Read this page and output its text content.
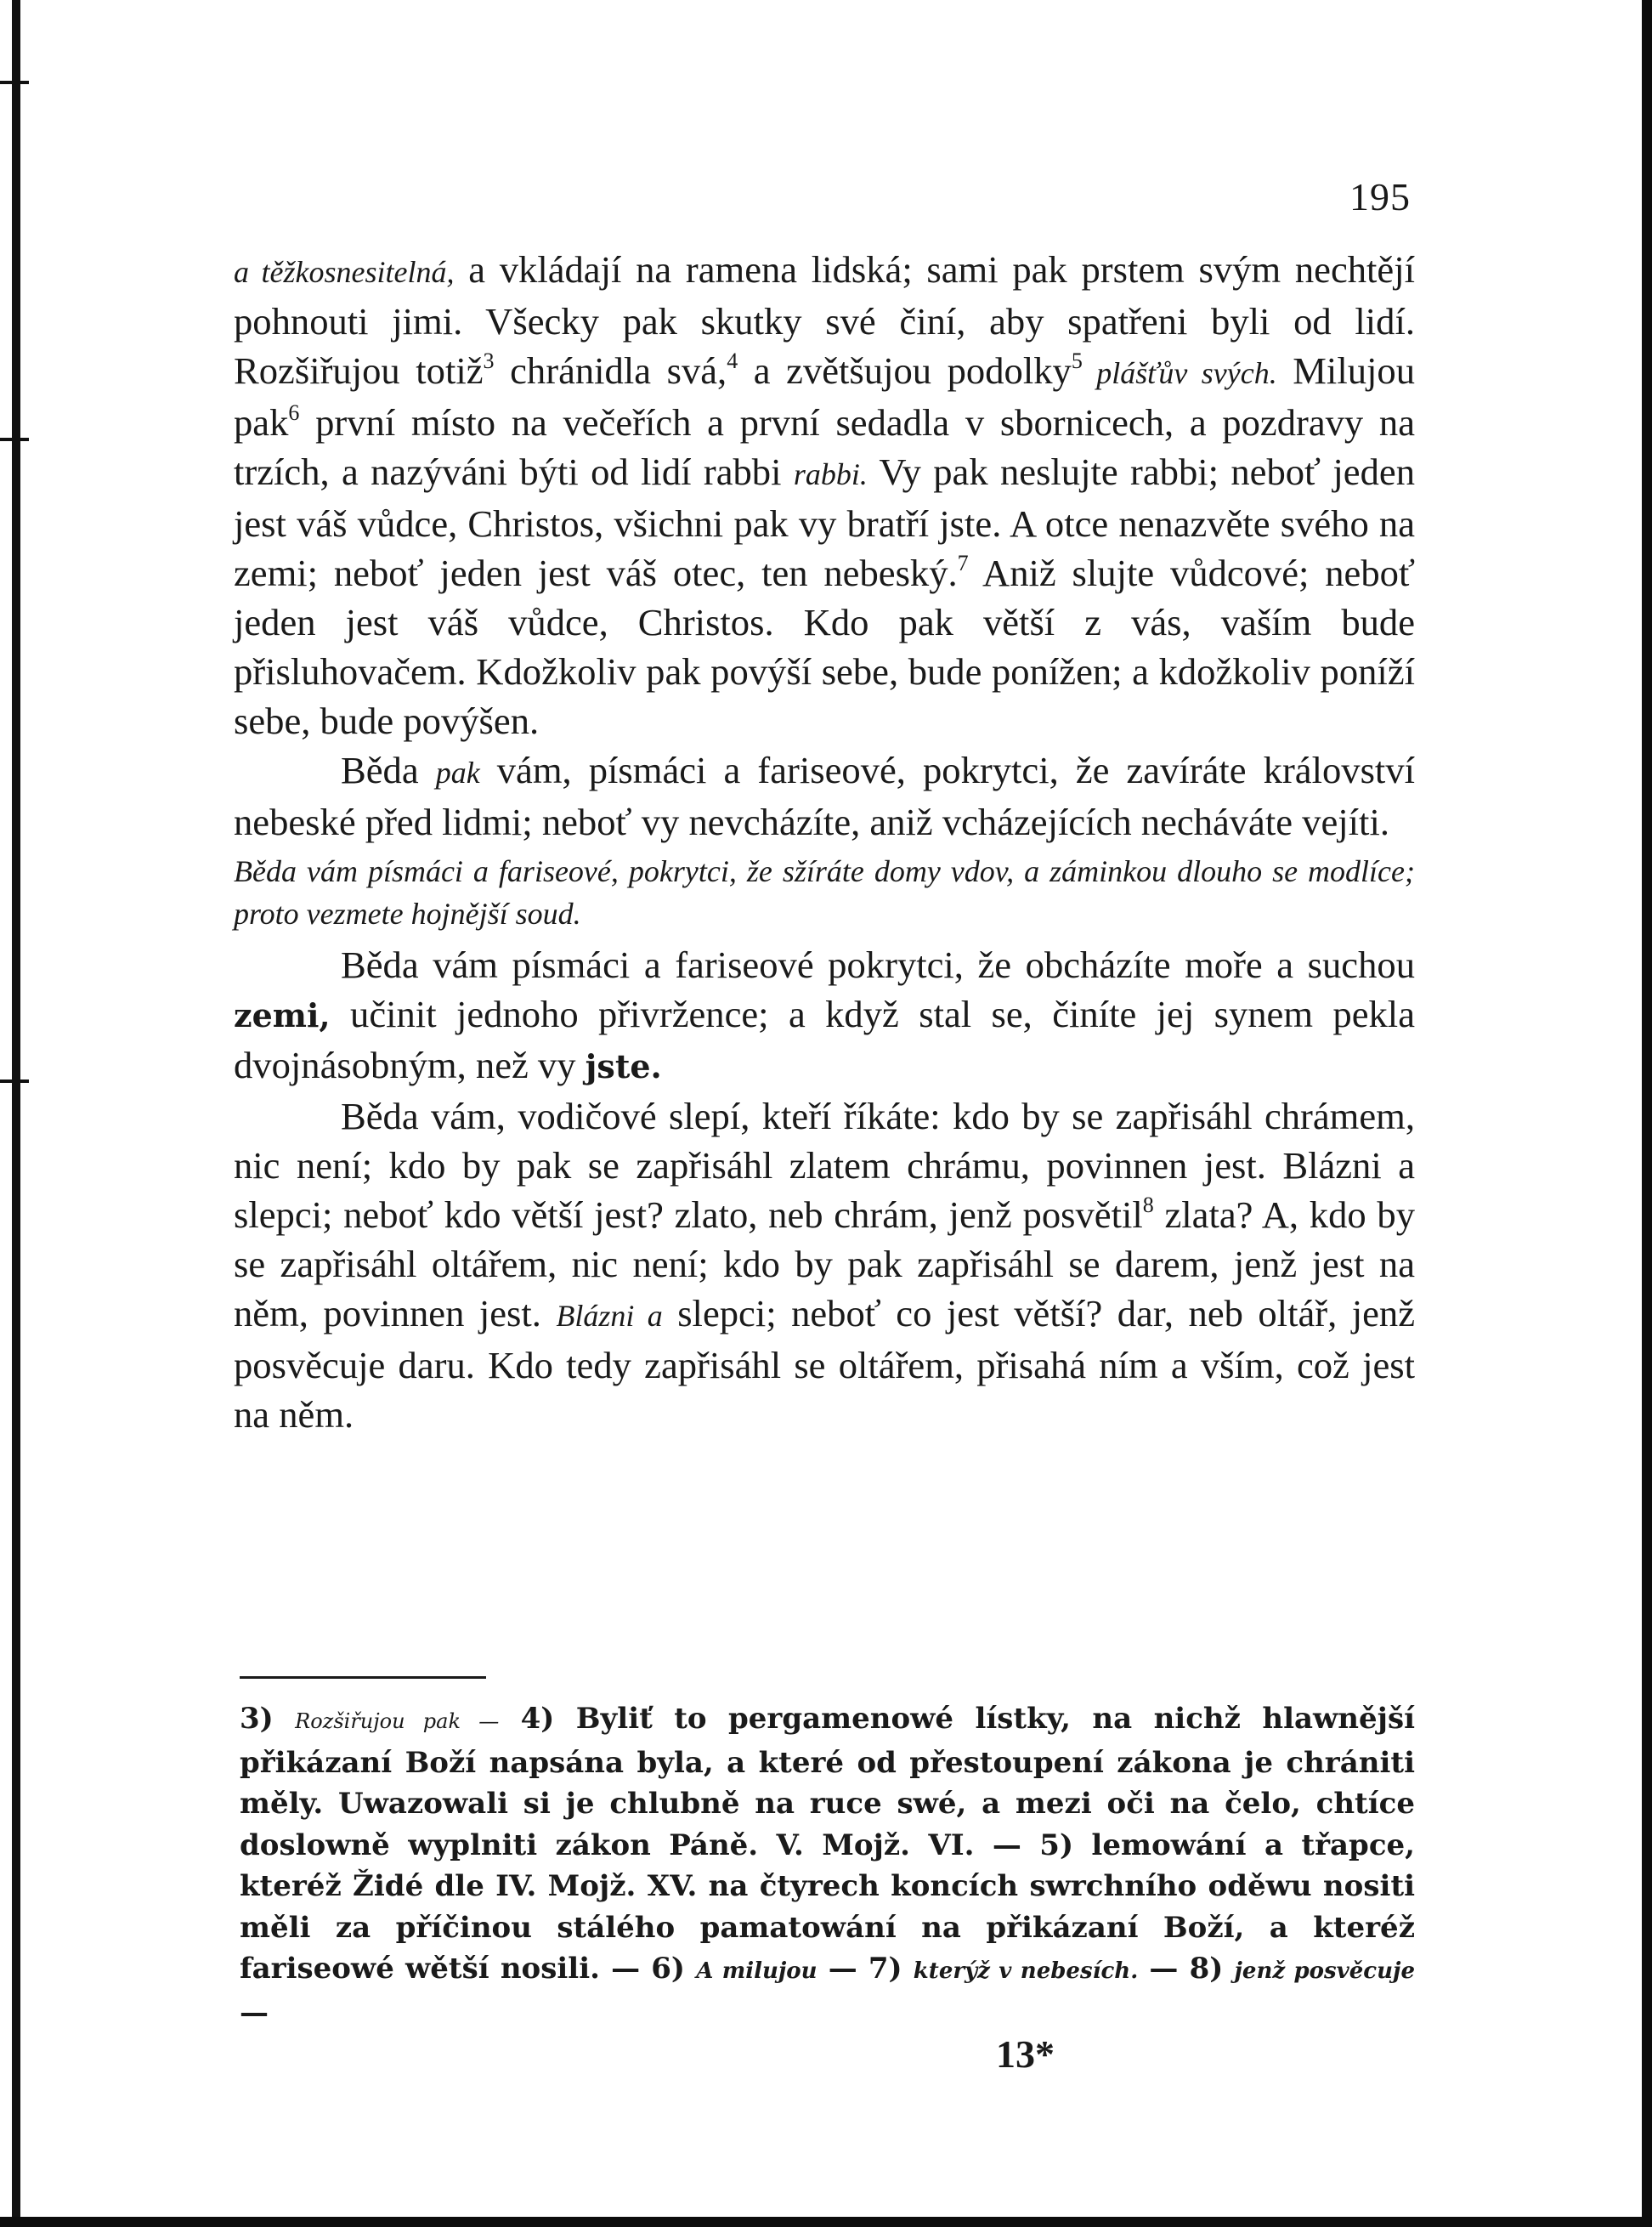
195

a těžkosnesitelná, a vkládají na ramena lidská; sami pak prstem svým nechtějí pohnouti jimi. Všecky pak skutky své činí, aby spatřeni byli od lidí. Rozšiřujou totiž$^3$ chránidla svá,$^4$ a zvětšujou podolky$^5$ plášťův svých. Milujou pak$^6$ první místo na večeřích a první sedadla v sbornicech, a pozdravy na trzích, a nazýváni býti od lidí rabbi rabbi. Vy pak neslujte rabbi; neboť jeden jest váš vůdce, Christos, všichni pak vy bratří jste. A otce nenazvěte svého na zemi; neboť jeden jest váš otec, ten nebeský.$^7$ Aniž slujte vůdcové; neboť jeden jest váš vůdce, Christos. Kdo pak větší z vás, vaším bude přisluhovačem. Kdožkoliv pak povýší sebe, bude ponížen; a kdožkoliv poníží sebe, bude povýšen.

Běda pak vám, písmáci a fariseové, pokrytci, že zavíráte království nebeské před lidmi; neboť vy nevcházíte, aniž vcházejících necháváte vejíti.

Běda vám písmáci a fariseové, pokrytci, že sžíráte domy vdov, a záminkou dlouho se modlíce; proto vezmete hojnější soud.

Běda vám písmáci a fariseové pokrytci, že obcházíte moře a suchou zemi, učinit jednoho přivržence; a když stal se, činíte jej synem pekla dvojnásobným, než vy jste.

Běda vám, vodičové slepí, kteří říkáte: kdo by se zapřisáhl chrámem, nic není; kdo by pak se zapřisáhl zlatem chrámu, povinnen jest. Blázni a slepci; neboť kdo větší jest? zlato, neb chrám, jenž posvětil$^8$ zlata? A, kdo by se zapřisáhl oltářem, nic není; kdo by pak zapřisáhl se darem, jenž jest na něm, povinnen jest. Blázni a slepci; neboť co jest větší? dar, neb oltář, jenž posvěcuje daru. Kdo tedy zapřisáhl se oltářem, přisahá ním a vším, což jest na něm.

3) Rozšiřujou pak — 4) Byliť to pergamenowé lístky, na nichž hlawnější přikázaní Boží napsána byla, a které od přestoupení zákona je chrániti měly. Uwazowali si je chlubně na ruce swé, a mezi oči na čelo, chtíce doslowně wyplniti zákon Páně. V. Mojž. VI. — 5) lemowání a třapce, kteréž Židé dle IV. Mojž. XV. na čtyrech koncích swrchního oděwu nositi měli za příčinou stálého pamatowání na přikázaní Boží, a kteréž fariseowé wětší nosili. — 6) A milujou — 7) kterýž v nebesích. — 8) jenž posvěcuje —
13*
